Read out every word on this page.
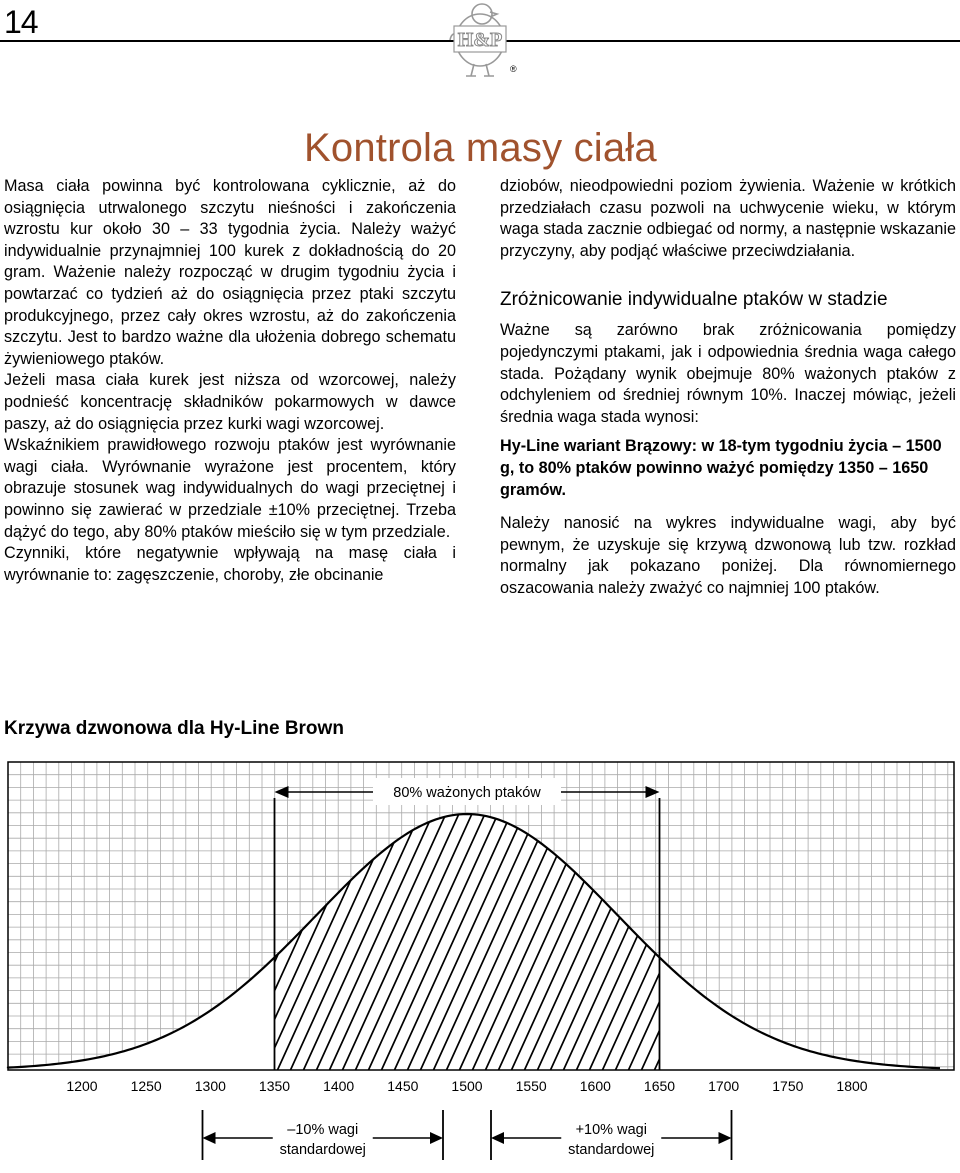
14	H&P
®
Kontrola masy ciała

Masa ciała powinna być kontrolowana cyklicznie, aż do osiągnięcia utrwalonego szczytu nieśności i zakończenia wzrostu kur około 30 – 33 tygodnia życia. Należy ważyć indywidualnie przynajmniej 100 kurek z dokładnością do 20 gram. Ważenie należy rozpocząć w drugim tygodniu życia i powtarzać co tydzień aż do osiągnięcia przez ptaki szczytu produkcyjnego, przez cały okres wzrostu, aż do zakończenia szczytu. Jest to bardzo ważne dla ułożenia dobrego schematu żywieniowego ptaków.

Jeżeli masa ciała kurek jest niższa od wzorcowej, należy podnieść koncentrację składników pokarmowych w dawce paszy, aż do osiągnięcia przez kurki wagi wzorcowej.

Wskaźnikiem prawidłowego rozwoju ptaków jest wyrównanie wagi ciała. Wyrównanie wyrażone jest procentem, który obrazuje stosunek wag indywidualnych do wagi przeciętnej i powinno się zawierać w przedziale ±10% przeciętnej. Trzeba dążyć do tego, aby 80% ptaków mieściło się w tym przedziale.

Czynniki, które negatywnie wpływają na masę ciała i wyrównanie to: zagęszczenie, choroby, złe obcinanie

dziobów, nieodpowiedni poziom żywienia. Ważenie w krótkich przedziałach czasu pozwoli na uchwycenie wieku, w którym waga stada zacznie odbiegać od normy, a następnie wskazanie przyczyny, aby podjąć właściwe przeciwdziałania.

Zróżnicowanie indywidualne ptaków w stadzie

Ważne są zarówno brak zróżnicowania pomiędzy pojedynczymi ptakami, jak i odpowiednia średnia waga całego stada. Pożądany wynik obejmuje 80% ważonych ptaków z odchyleniem od średniej równym 10%. Inaczej mówiąc, jeżeli średnia waga stada wynosi:

Hy-Line wariant Brązowy: w 18-tym tygodniu życia – 1500 g, to 80% ptaków powinno ważyć pomiędzy 1350 – 1650 gramów.

Należy nanosić na wykres indywidualne wagi, aby być pewnym, że uzyskuje się krzywą dzwonową lub tzw. rozkład normalny jak pokazano poniżej. Dla równomiernego oszacowania należy zważyć co najmniej 100 ptaków.

Krzywa dzwonowa dla Hy-Line Brown
80% ważonych ptaków
1200 1250 1300 1350 1400 1450 1500 1550 1600 1650 1700 1750 1800
–10% wagi
standardowej
+10% wagi
standardowej
